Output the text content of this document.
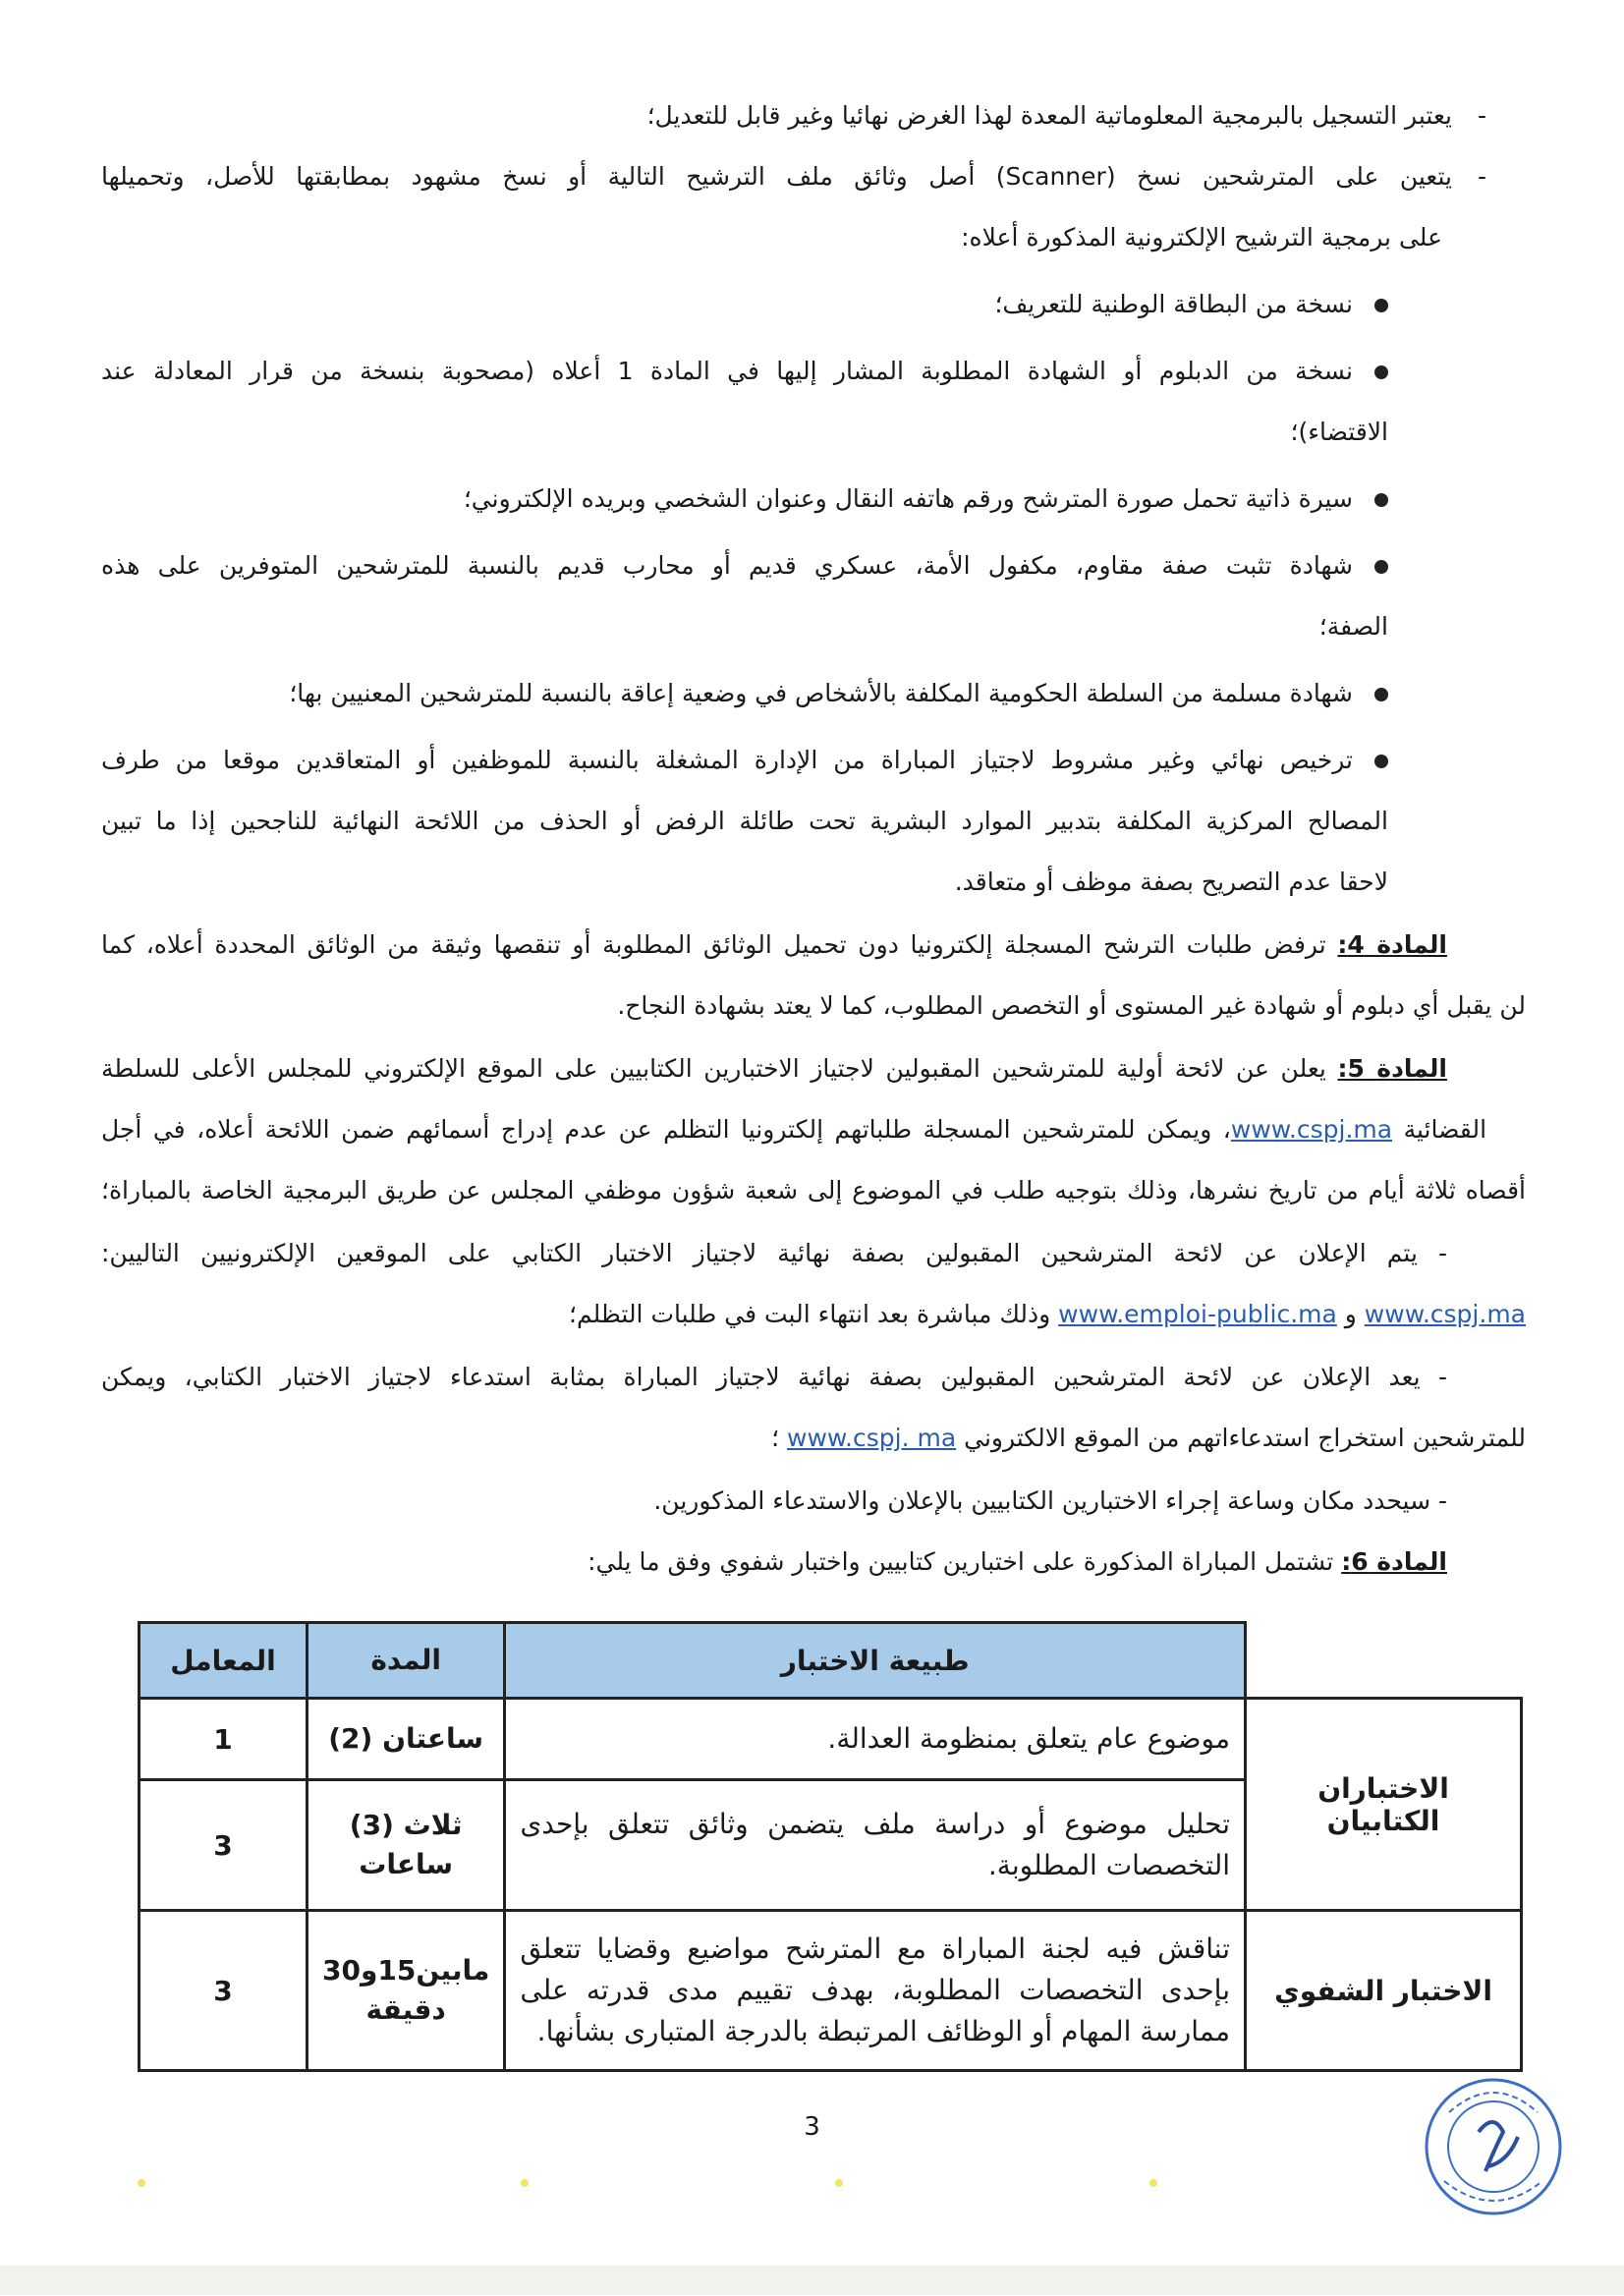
-يعتبر التسجيل بالبرمجية المعلوماتية المعدة لهذا الغرض نهائيا وغير قابل للتعديل؛
-يتعين على المترشحين نسخ (Scanner) أصل وثائق ملف الترشيح التالية أو نسخ مشهود بمطابقتها للأصل، وتحميلها
على برمجية الترشيح الإلكترونية المذكورة أعلاه:
نسخة من البطاقة الوطنية للتعريف؛
نسخة من الدبلوم أو الشهادة المطلوبة المشار إليها في المادة 1 أعلاه (مصحوبة بنسخة من قرار المعادلة عند
الاقتضاء)؛
سيرة ذاتية تحمل صورة المترشح ورقم هاتفه النقال وعنوان الشخصي وبريده الإلكتروني؛
شهادة تثبت صفة مقاوم، مكفول الأمة، عسكري قديم أو محارب قديم بالنسبة للمترشحين المتوفرين على هذه
الصفة؛
شهادة مسلمة من السلطة الحكومية المكلفة بالأشخاص في وضعية إعاقة بالنسبة للمترشحين المعنيين بها؛
ترخيص نهائي وغير مشروط لاجتياز المباراة من الإدارة المشغلة بالنسبة للموظفين أو المتعاقدين موقعا من طرف
المصالح المركزية المكلفة بتدبير الموارد البشرية تحت طائلة الرفض أو الحذف من اللائحة النهائية للناجحين إذا ما تبين
لاحقا عدم التصريح بصفة موظف أو متعاقد.
المادة 4: ترفض طلبات الترشح المسجلة إلكترونيا دون تحميل الوثائق المطلوبة أو تنقصها وثيقة من الوثائق المحددة أعلاه، كما
لن يقبل أي دبلوم أو شهادة غير المستوى أو التخصص المطلوب، كما لا يعتد بشهادة النجاح.
المادة 5: يعلن عن لائحة أولية للمترشحين المقبولين لاجتياز الاختبارين الكتابيين على الموقع الإلكتروني للمجلس الأعلى للسلطة
القضائية www.cspj.ma، ويمكن للمترشحين المسجلة طلباتهم إلكترونيا التظلم عن عدم إدراج أسمائهم ضمن اللائحة أعلاه، في أجل
أقصاه ثلاثة أيام من تاريخ نشرها، وذلك بتوجيه طلب في الموضوع إلى شعبة شؤون موظفي المجلس عن طريق البرمجية الخاصة بالمباراة؛
- يتم الإعلان عن لائحة المترشحين المقبولين بصفة نهائية لاجتياز الاختبار الكتابي على الموقعين الإلكترونيين التاليين:
www.cspj.ma و www.emploi-public.ma وذلك مباشرة بعد انتهاء البت في طلبات التظلم؛
- يعد الإعلان عن لائحة المترشحين المقبولين بصفة نهائية لاجتياز المباراة بمثابة استدعاء لاجتياز الاختبار الكتابي، ويمكن
للمترشحين استخراج استدعاءاتهم من الموقع الالكتروني www.cspj. ma ؛
- سيحدد مكان وساعة إجراء الاختبارين الكتابيين بالإعلان والاستدعاء المذكورين.
المادة 6: تشتمل المباراة المذكورة على اختبارين كتابيين واختبار شفوي وفق ما يلي:
	طبيعة الاختبار	المدة	المعامل
الاختباران الكتابيان	موضوع عام يتعلق بمنظومة العدالة.	ساعتان (2)	1
	تحليل موضوع أو دراسة ملف يتضمن وثائق تتعلق بإحدى التخصصات المطلوبة.	ثلاث (3) ساعات	3
الاختبار الشفوي	تناقش فيه لجنة المباراة مع المترشح مواضيع وقضايا تتعلق بإحدى التخصصات المطلوبة، بهدف تقييم مدى قدرته على ممارسة المهام أو الوظائف المرتبطة بالدرجة المتبارى بشأنها.	مابين15و30 دقيقة	3
3
